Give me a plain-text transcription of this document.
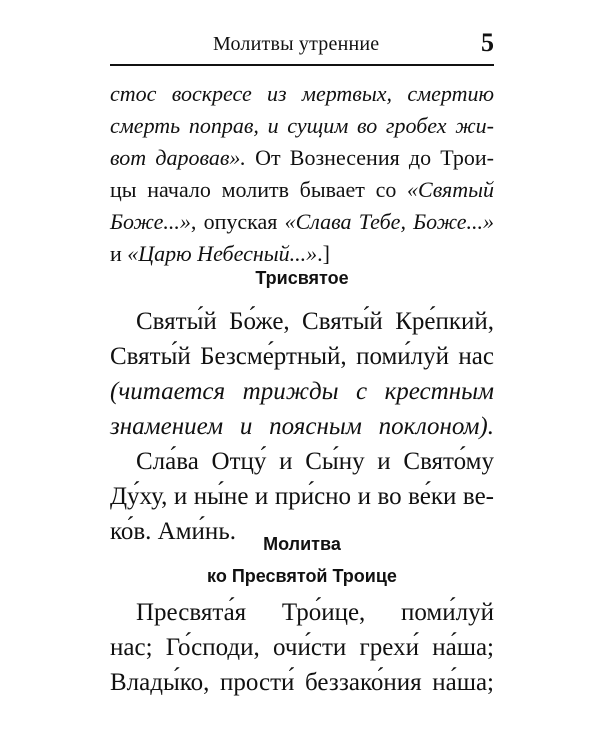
Молитвы утренние	5
стос воскресе из мертвых, смертию
смерть поправ, и сущим во гробех жи-
вот даровав». От Вознесения до Трои-
цы начало молитв бывает со «Святый
Боже...», опуская «Слава Тебе, Боже...»
и «Царю Небесный...».]
Трисвятое
Святы́й Бо́же, Святы́й Кре́пкий,
Святы́й Безсме́ртный, поми́луй нас
(читается трижды с крестным
знамением и поясным поклоном).
Сла́ва Отцу́ и Сы́ну и Свято́му
Ду́ху, и ны́не и при́сно и во ве́ки ве-
ко́в. Ами́нь.	Молитва
ко Пресвятой Троице
Пресвята́я Тро́ице, поми́луй
нас; Го́споди, очи́сти грехи́ на́ша;
Влады́ко, прости́ беззако́ния на́ша;
